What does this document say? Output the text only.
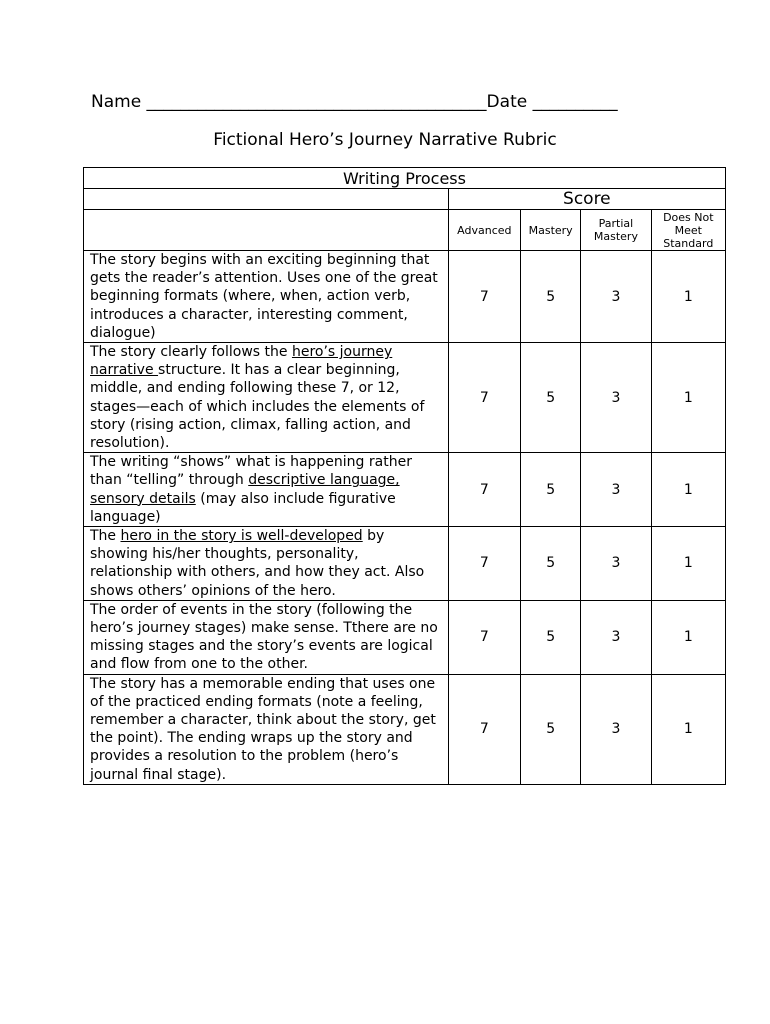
Name ________________________________________Date __________
Fictional Hero’s Journey Narrative Rubric
Writing Process				
	Score			
	Advanced	Mastery	Partial Mastery	Does Not Meet Standard
The story begins with an exciting beginning that gets the reader’s attention. Uses one of the great beginning formats (where, when, action verb, introduces a character, interesting comment, dialogue)	7	5	3	1
The story clearly follows the hero’s journey narrative structure. It has a clear beginning, middle, and ending following these 7, or 12, stages—each of which includes the elements of story (rising action, climax, falling action, and resolution).	7	5	3	1
The writing “shows” what is happening rather than “telling” through descriptive language, sensory details (may also include figurative language)	7	5	3	1
The hero in the story is well-developed by showing his/her thoughts, personality, relationship with others, and how they act. Also shows others’ opinions of the hero.	7	5	3	1
The order of events in the story (following the hero’s journey stages) make sense. Tthere are no missing stages and the story’s events are logical and flow from one to the other.	7	5	3	1
The story has a memorable ending that uses one of the practiced ending formats (note a feeling, remember a character, think about the story, get the point). The ending wraps up the story and provides a resolution to the problem (hero’s journal final stage).	7	5	3	1
